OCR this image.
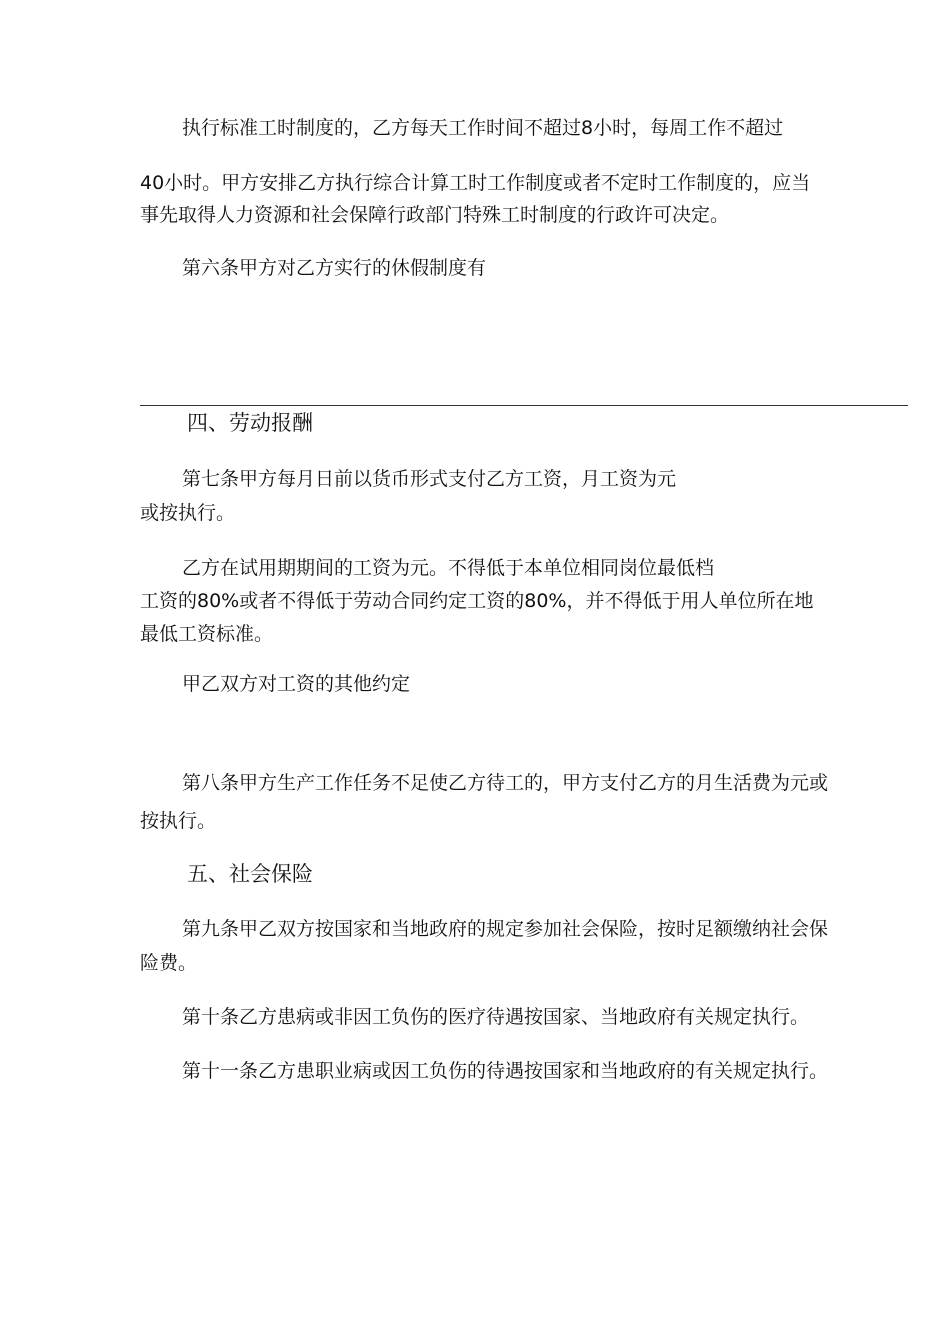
执行标准工时制度的，乙方每天工作时间不超过8小时，每周工作不超过
40小时。甲方安排乙方执行综合计算工时工作制度或者不定时工作制度的，应当
事先取得人力资源和社会保障行政部门特殊工时制度的行政许可决定。
第六条甲方对乙方实行的休假制度有
四、劳动报酬
第七条甲方每月日前以货币形式支付乙方工资，月工资为元
或按执行。
乙方在试用期期间的工资为元。不得低于本单位相同岗位最低档
工资的80%或者不得低于劳动合同约定工资的80%，并不得低于用人单位所在地
最低工资标准。
甲乙双方对工资的其他约定
第八条甲方生产工作任务不足使乙方待工的，甲方支付乙方的月生活费为元或
按执行。
五、社会保险
第九条甲乙双方按国家和当地政府的规定参加社会保险，按时足额缴纳社会保
险费。
第十条乙方患病或非因工负伤的医疗待遇按国家、当地政府有关规定执行。
第十一条乙方患职业病或因工负伤的待遇按国家和当地政府的有关规定执行。
